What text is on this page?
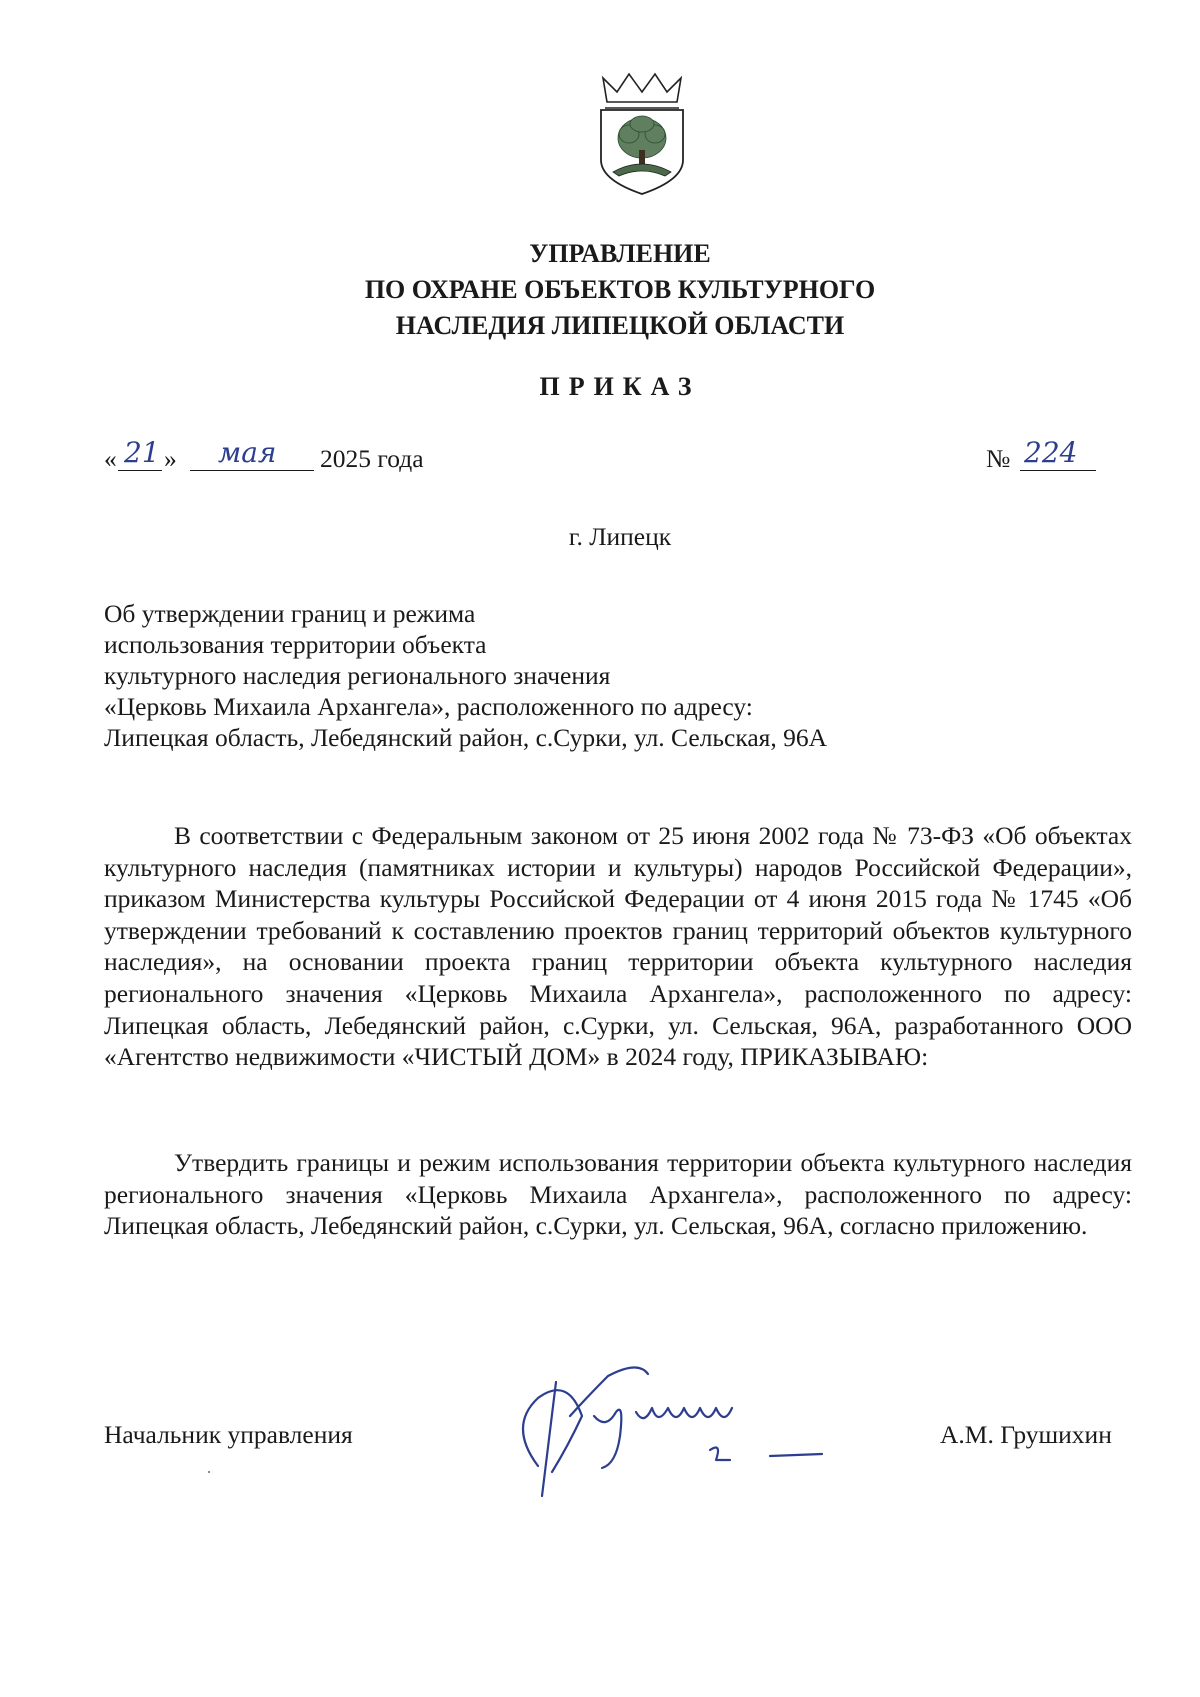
УПРАВЛЕНИЕ
ПО ОХРАНЕ ОБЪЕКТОВ КУЛЬТУРНОГО
НАСЛЕДИЯ ЛИПЕЦКОЙ ОБЛАСТИ
ПРИКАЗ
« 21 » мая 2025 года	№ 224
г. Липецк
Об утверждении границ и режима
использования территории объекта
культурного наследия регионального значения
«Церковь Михаила Архангела», расположенного по адресу:
Липецкая область, Лебедянский район, с.Сурки, ул. Сельская, 96А
В соответствии с Федеральным законом от 25 июня 2002 года № 73-ФЗ «Об объектах культурного наследия (памятниках истории и культуры) народов Российской Федерации», приказом Министерства культуры Российской Федерации от 4 июня 2015 года № 1745 «Об утверждении требований к составлению проектов границ территорий объектов культурного наследия», на основании проекта границ территории объекта культурного наследия регионального значения «Церковь Михаила Архангела», расположенного по адресу: Липецкая область, Лебедянский район, с.Сурки, ул. Сельская, 96А, разработанного ООО «Агентство недвижимости «ЧИСТЫЙ ДОМ» в 2024 году, ПРИКАЗЫВАЮ:
Утвердить границы и режим использования территории объекта культурного наследия регионального значения «Церковь Михаила Архангела», расположенного по адресу: Липецкая область, Лебедянский район, с.Сурки, ул. Сельская, 96А, согласно приложению.
Начальник управления	А.М. Грушихин
